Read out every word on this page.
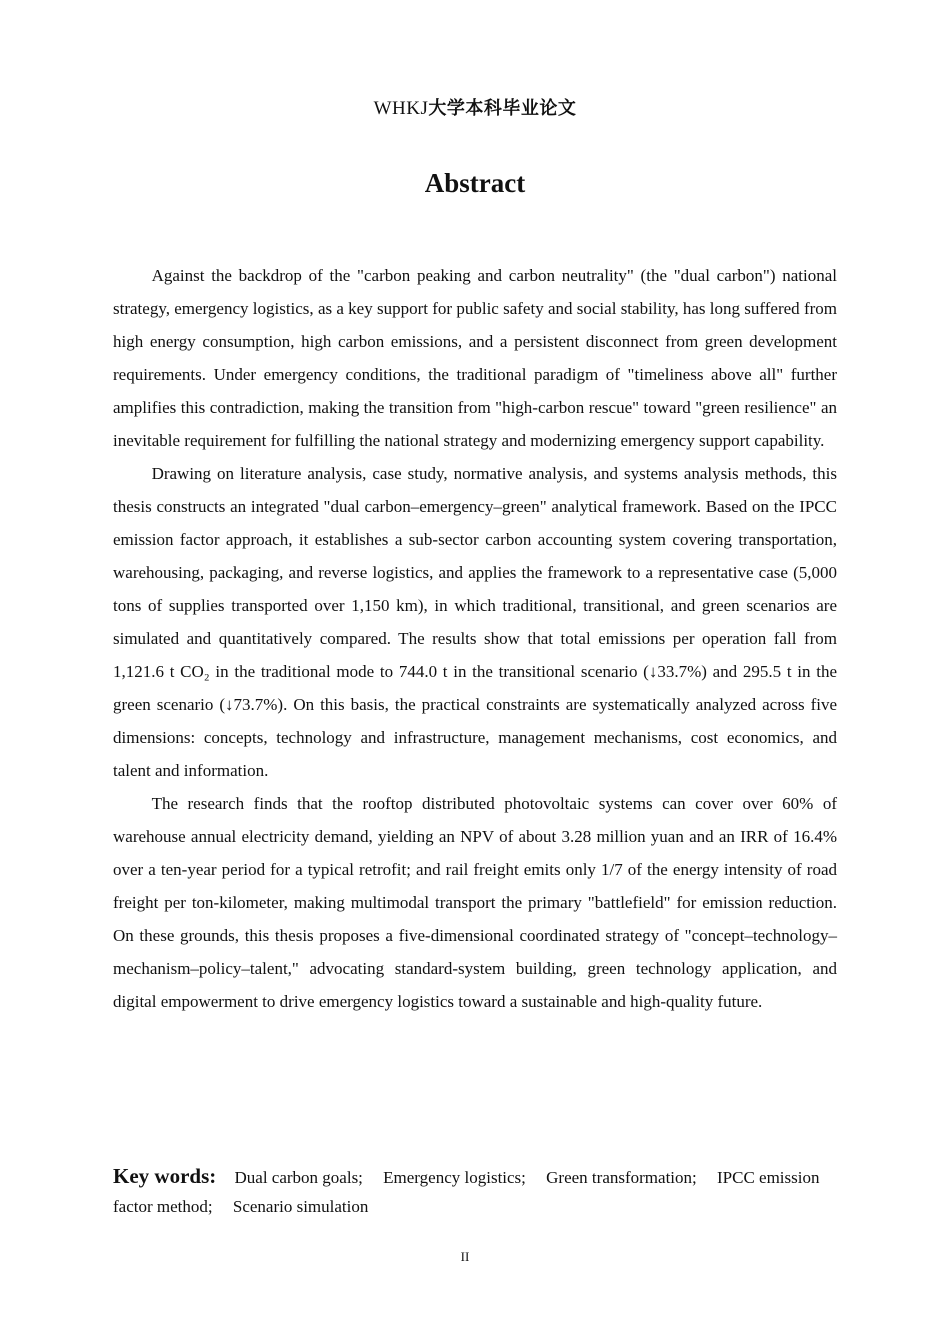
WHKJ大学本科毕业论文
Abstract

Against the backdrop of the "carbon peaking and carbon neutrality" (the "dual carbon") national strategy, emergency logistics, as a key support for public safety and social stability, has long suffered from high energy consumption, high carbon emissions, and a persistent disconnect from green development requirements. Under emergency conditions, the traditional paradigm of "timeliness above all" further amplifies this contradiction, making the transition from "high-carbon rescue" toward "green resilience" an inevitable requirement for fulfilling the national strategy and modernizing emergency support capability.

Drawing on literature analysis, case study, normative analysis, and systems analysis methods, this thesis constructs an integrated "dual carbon–emergency–green" analytical framework. Based on the IPCC emission factor approach, it establishes a sub-sector carbon accounting system covering transportation, warehousing, packaging, and reverse logistics, and applies the framework to a representative case (5,000 tons of supplies transported over 1,150 km), in which traditional, transitional, and green scenarios are simulated and quantitatively compared. The results show that total emissions per operation fall from 1,121.6 t CO₂ in the traditional mode to 744.0 t in the transitional scenario (↓33.7%) and 295.5 t in the green scenario (↓73.7%). On this basis, the practical constraints are systematically analyzed across five dimensions: concepts, technology and infrastructure, management mechanisms, cost economics, and talent and information.

The research finds that the rooftop distributed photovoltaic systems can cover over 60% of warehouse annual electricity demand, yielding an NPV of about 3.28 million yuan and an IRR of 16.4% over a ten-year period for a typical retrofit; and rail freight emits only 1/7 of the energy intensity of road freight per ton-kilometer, making multimodal transport the primary "battlefield" for emission reduction. On these grounds, this thesis proposes a five-dimensional coordinated strategy of "concept–technology–mechanism–policy–talent," advocating standard-system building, green technology application, and digital empowerment to drive emergency logistics toward a sustainable and high-quality future.

Key words: Dual carbon goals; Emergency logistics; Green transformation; IPCC emission factor method; Scenario simulation
II
